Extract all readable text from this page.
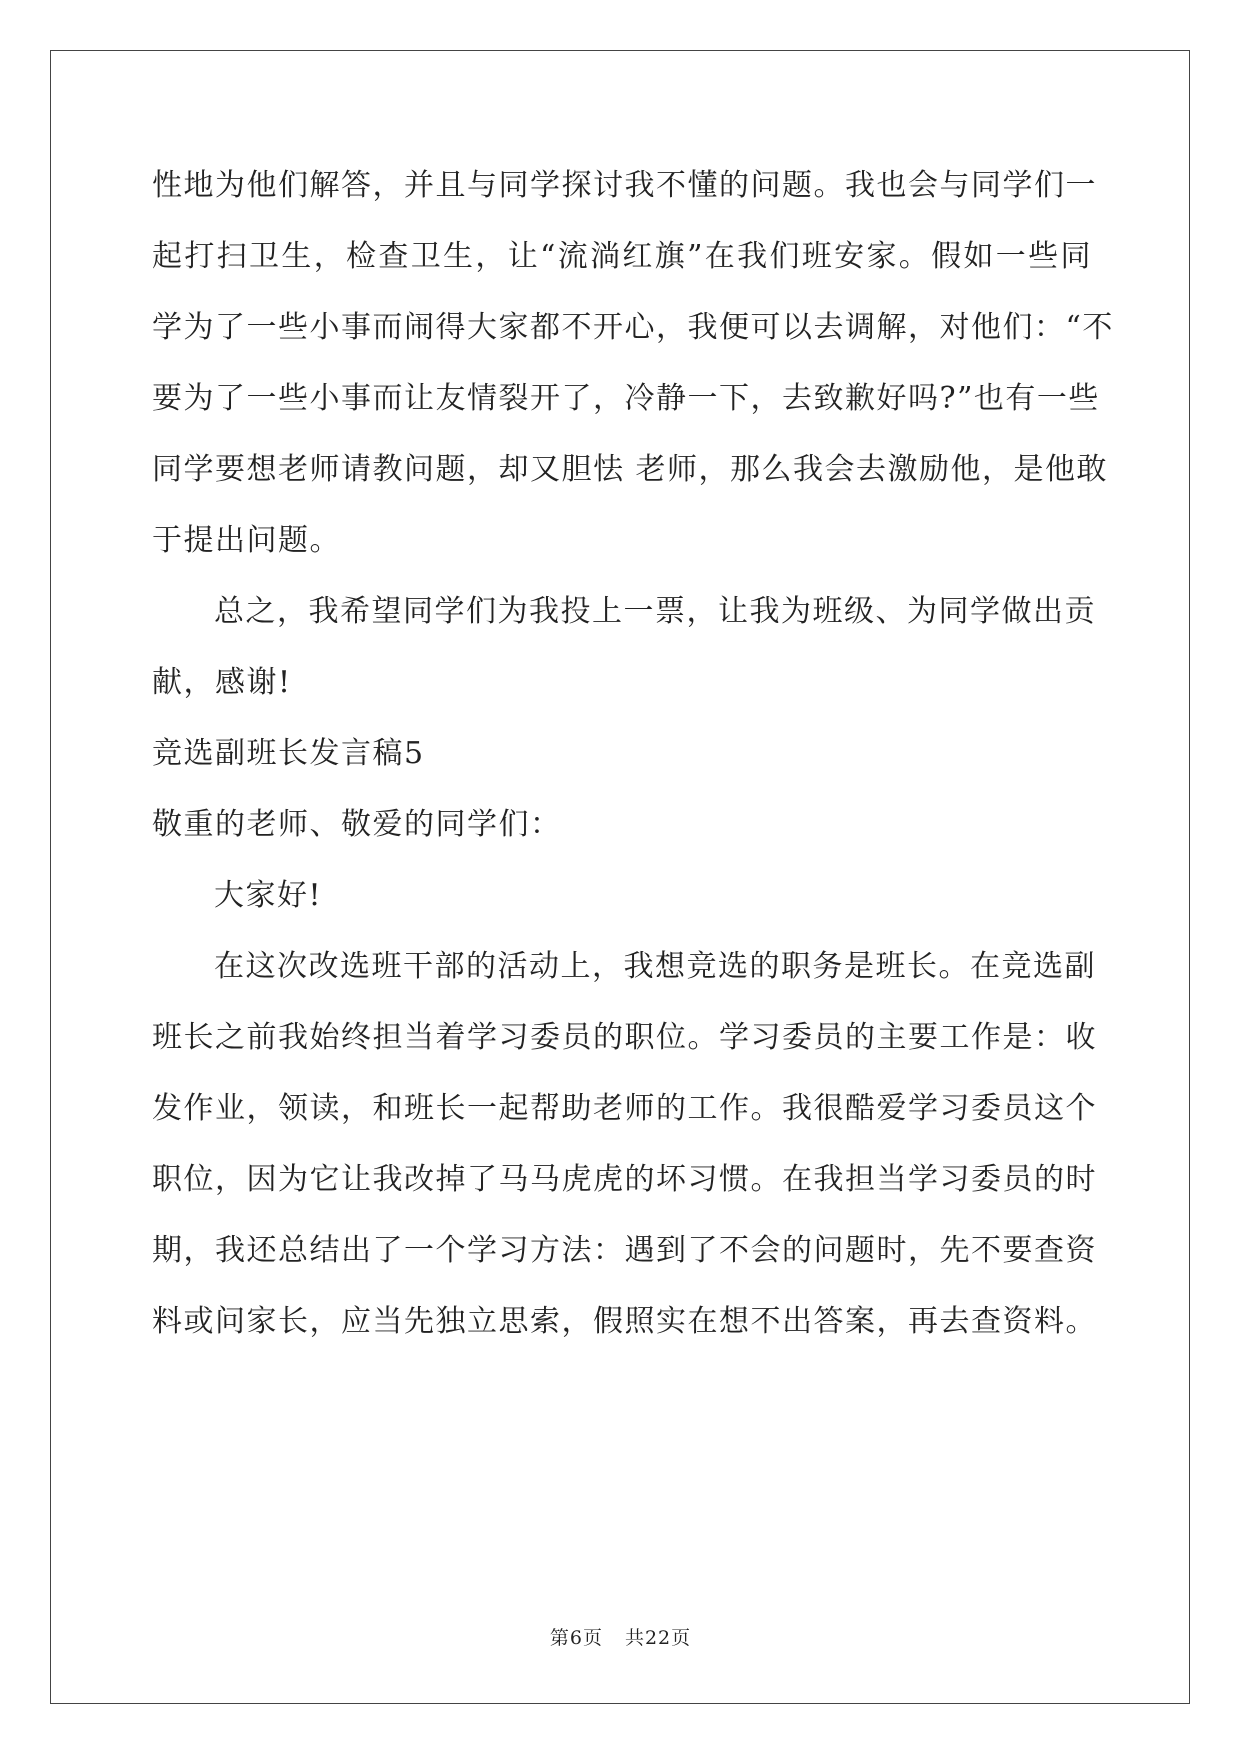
性地为他们解答，并且与同学探讨我不懂的问题。我也会与同学们一
起打扫卫生，检查卫生，让“流淌红旗”在我们班安家。假如一些同
学为了一些小事而闹得大家都不开心，我便可以去调解，对他们：“不
要为了一些小事而让友情裂开了，冷静一下，去致歉好吗?”也有一些
同学要想老师请教问题，却又胆怯 老师，那么我会去激励他，是他敢
于提出问题。
总之，我希望同学们为我投上一票，让我为班级、为同学做出贡
献，感谢!
竞选副班长发言稿5
敬重的老师、敬爱的同学们：
大家好!
在这次改选班干部的活动上，我想竞选的职务是班长。在竞选副
班长之前我始终担当着学习委员的职位。学习委员的主要工作是：收
发作业，领读，和班长一起帮助老师的工作。我很酷爱学习委员这个
职位，因为它让我改掉了马马虎虎的坏习惯。在我担当学习委员的时
期，我还总结出了一个学习方法：遇到了不会的问题时，先不要查资
料或问家长，应当先独立思索，假照实在想不出答案，再去查资料。
第6页 共22页
